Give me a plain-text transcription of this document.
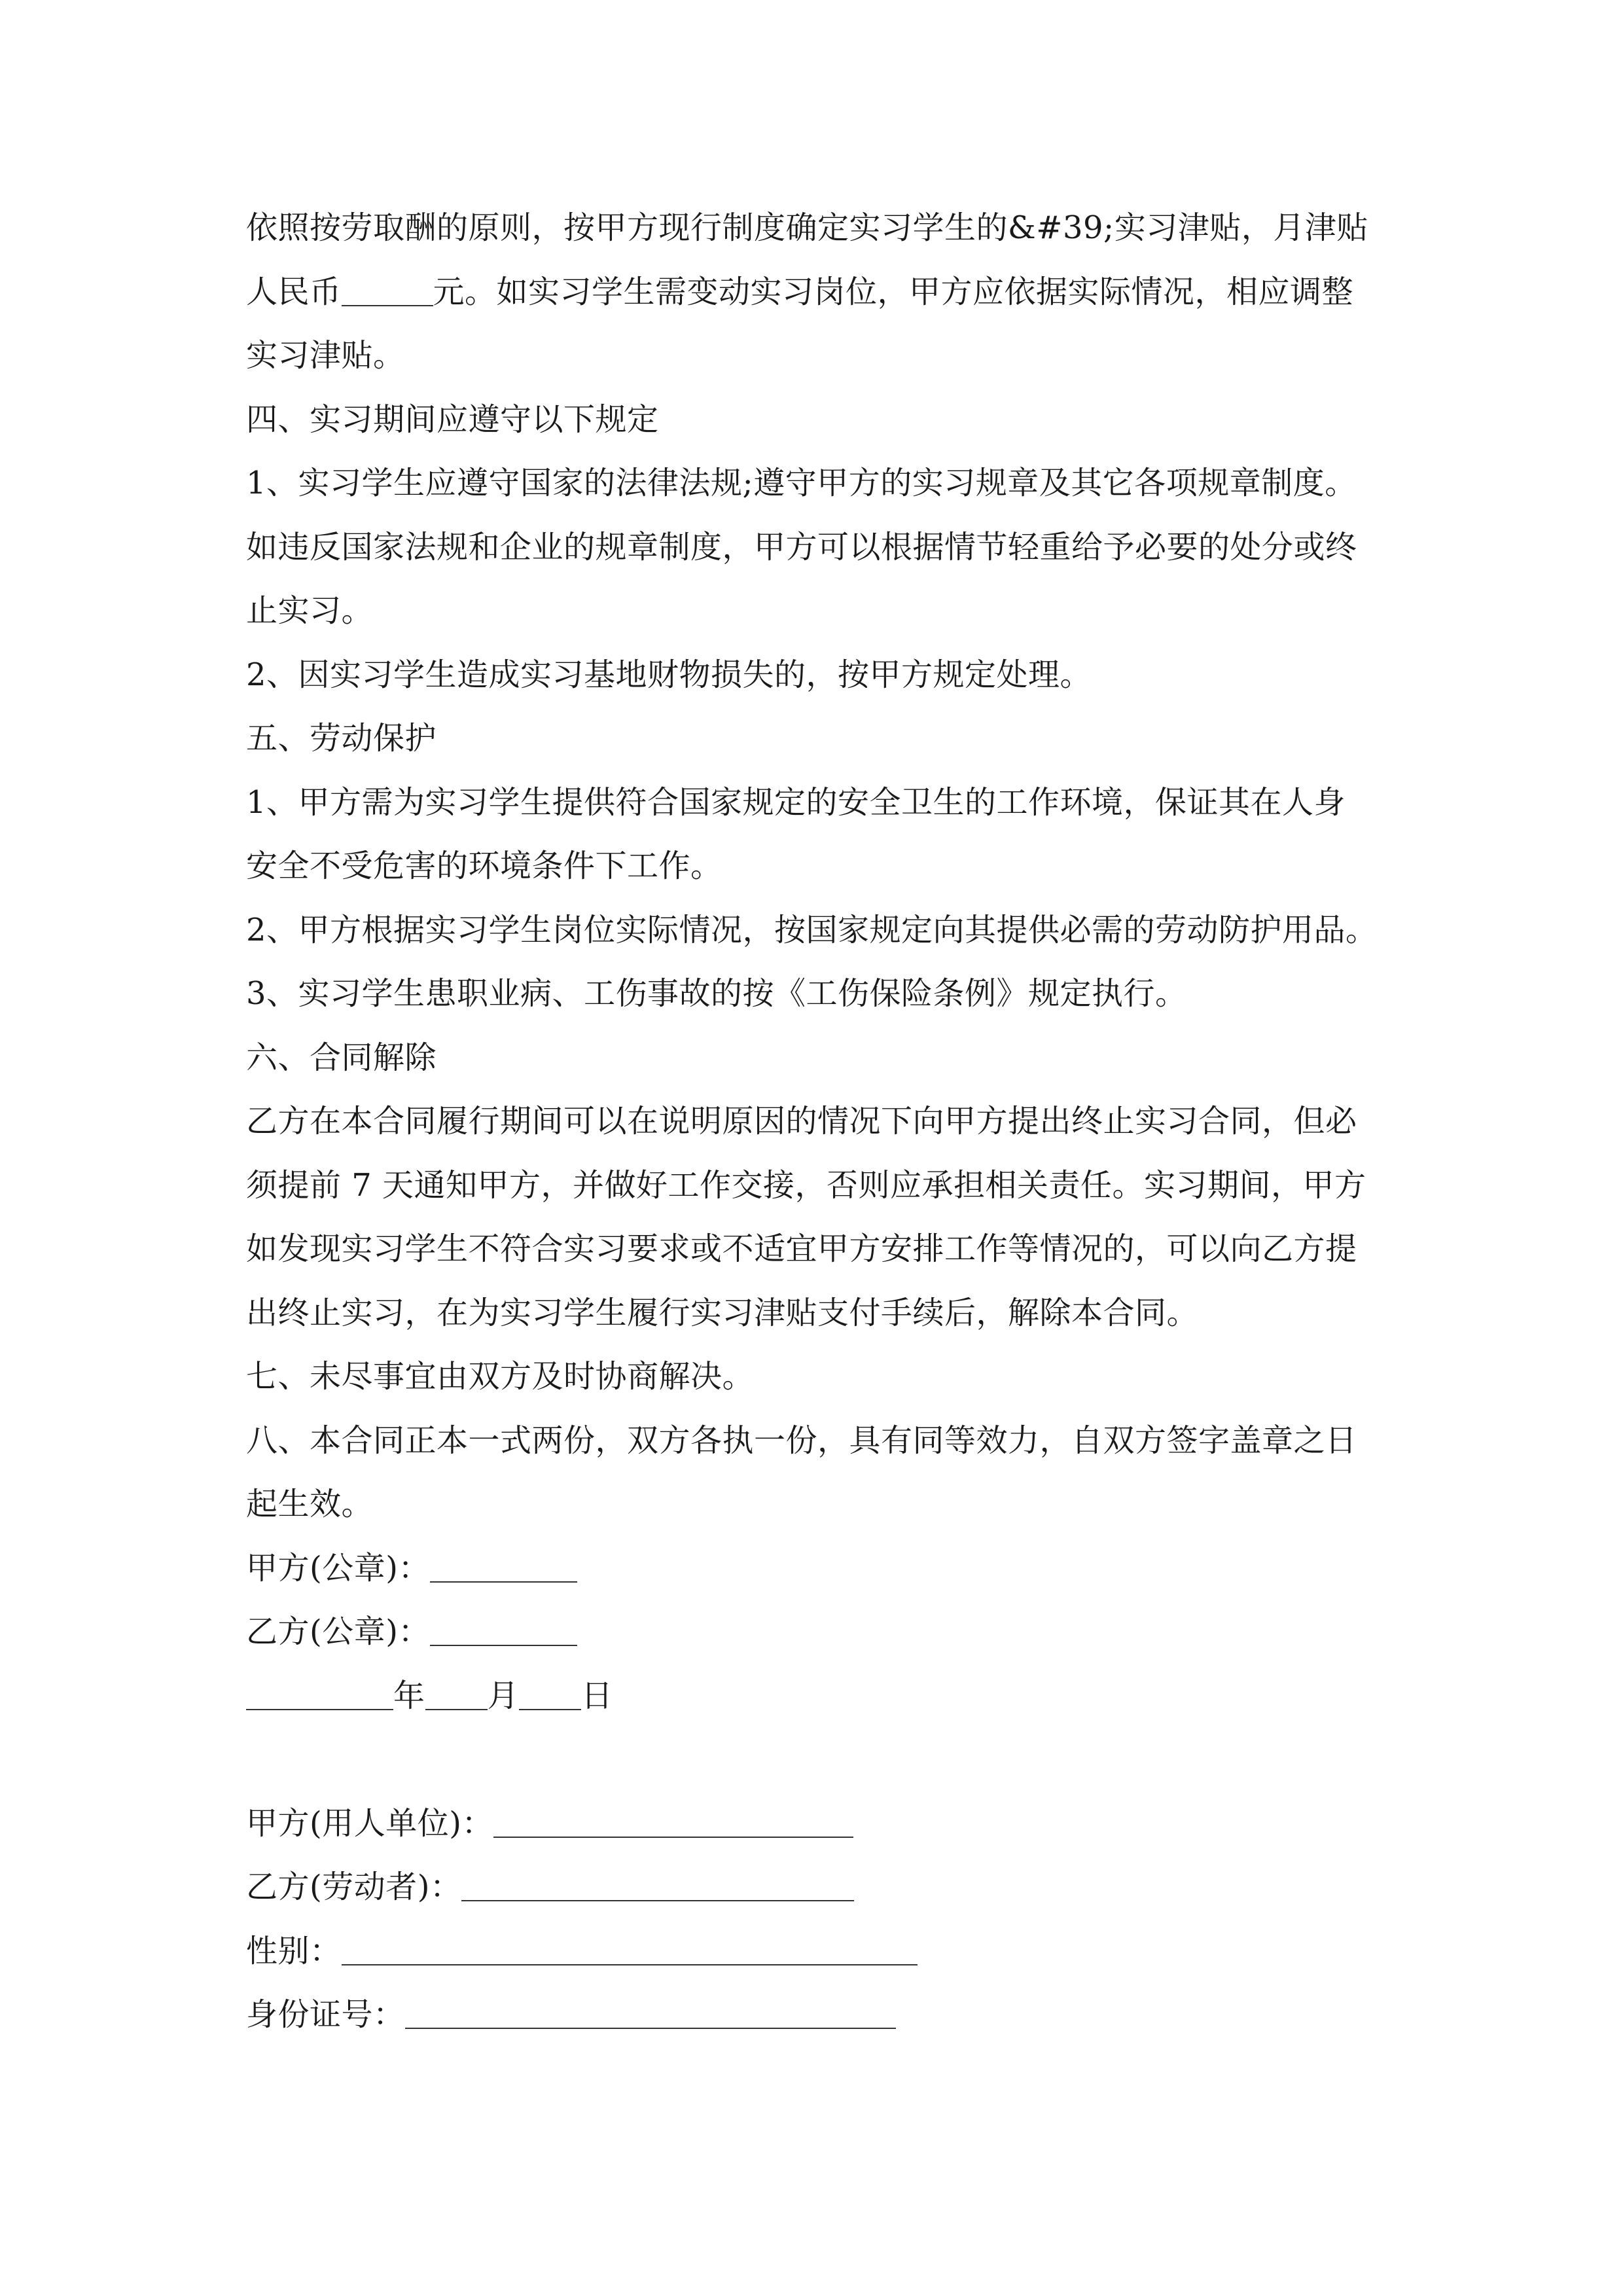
依照按劳取酬的原则，按甲方现行制度确定实习学生的&#39;实习津贴，月津贴
人民币	元。如实习学生需变动实习岗位，甲方应依据实际情况，相应调整
实习津贴。
四、实习期间应遵守以下规定
1、实习学生应遵守国家的法律法规;遵守甲方的实习规章及其它各项规章制度。
如违反国家法规和企业的规章制度，甲方可以根据情节轻重给予必要的处分或终
止实习。
2、因实习学生造成实习基地财物损失的，按甲方规定处理。
五、劳动保护
1、甲方需为实习学生提供符合国家规定的安全卫生的工作环境，保证其在人身
安全不受危害的环境条件下工作。
2、甲方根据实习学生岗位实际情况，按国家规定向其提供必需的劳动防护用品。
3、实习学生患职业病、工伤事故的按《工伤保险条例》规定执行。
六、合同解除
乙方在本合同履行期间可以在说明原因的情况下向甲方提出终止实习合同，但必
须提前 7 天通知甲方，并做好工作交接，否则应承担相关责任。实习期间，甲方
如发现实习学生不符合实习要求或不适宜甲方安排工作等情况的，可以向乙方提
出终止实习，在为实习学生履行实习津贴支付手续后，解除本合同。
七、未尽事宜由双方及时协商解决。
八、本合同正本一式两份，双方各执一份，具有同等效力，自双方签字盖章之日
起生效。
甲方(公章)：
乙方(公章)：
年 月 日
甲方(用人单位)：
乙方(劳动者)：
性别：
身份证号：
